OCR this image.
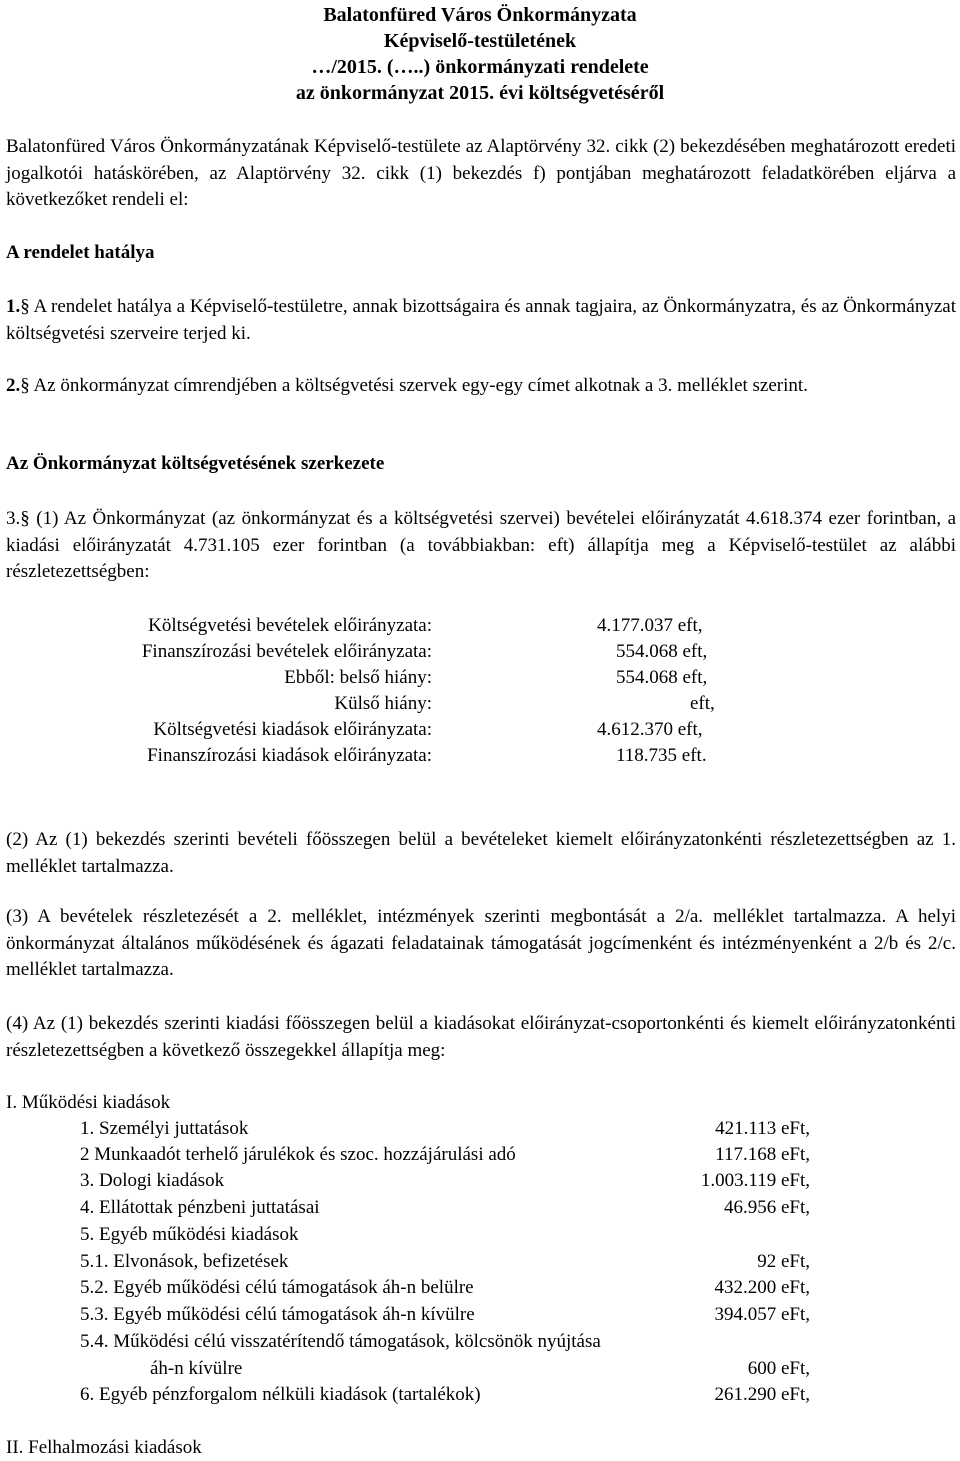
Balatonfüred Város Önkormányzata
Képviselő-testületének
…/2015. (…..) önkormányzati rendelete
az önkormányzat 2015. évi költségvetéséről
Balatonfüred Város Önkormányzatának Képviselő-testülete az Alaptörvény 32. cikk (2) bekezdésében meghatározott eredeti jogalkotói hatáskörében, az Alaptörvény 32. cikk (1) bekezdés f) pontjában meghatározott feladatkörében eljárva a következőket rendeli el:
A rendelet hatálya
1.§ A rendelet hatálya a Képviselő-testületre, annak bizottságaira és annak tagjaira, az Önkormányzatra, és az Önkormányzat költségvetési szerveire terjed ki.
2.§ Az önkormányzat címrendjében a költségvetési szervek egy-egy címet alkotnak a 3. melléklet szerint.
Az Önkormányzat költségvetésének szerkezete
3.§ (1) Az Önkormányzat (az önkormányzat és a költségvetési szervei) bevételei előirányzatát 4.618.374 ezer forintban, a kiadási előirányzatát 4.731.105 ezer forintban (a továbbiakban: eft) állapítja meg a Képviselő-testület az alábbi részletezettségben:
Költségvetési bevételek előirányzata:	4.177.037 eft,
Finanszírozási bevételek előirányzata:	554.068 eft,
Ebből: belső hiány:	554.068 eft,
Külső hiány:	eft,
Költségvetési kiadások előirányzata:	4.612.370 eft,
Finanszírozási kiadások előirányzata:	118.735 eft.
(2) Az (1) bekezdés szerinti bevételi főösszegen belül a bevételeket kiemelt előirányzatonkénti részletezettségben az 1. melléklet tartalmazza.
(3) A bevételek részletezését a 2. melléklet, intézmények szerinti megbontását a 2/a. melléklet tartalmazza. A helyi önkormányzat általános működésének és ágazati feladatainak támogatását jogcímenként és intézményenként a 2/b és 2/c. melléklet tartalmazza.
(4) Az (1) bekezdés szerinti kiadási főösszegen belül a kiadásokat előirányzat-csoportonkénti és kiemelt előirányzatonkénti részletezettségben a következő összegekkel állapítja meg:
I. Működési kiadások
1. Személyi juttatások	421.113 eFt,
2 Munkaadót terhelő járulékok és szoc. hozzájárulási adó	117.168 eFt,
3. Dologi kiadások	1.003.119 eFt,
4. Ellátottak pénzbeni juttatásai	46.956 eFt,
5. Egyéb működési kiadások
5.1. Elvonások, befizetések	92 eFt,
5.2. Egyéb működési célú támogatások áh-n belülre	432.200 eFt,
5.3. Egyéb működési célú támogatások áh-n kívülre	394.057 eFt,
5.4. Működési célú visszatérítendő támogatások, kölcsönök nyújtása
áh-n kívülre	600 eFt,
6. Egyéb pénzforgalom nélküli kiadások (tartalékok)	261.290 eFt,
II. Felhalmozási kiadások
